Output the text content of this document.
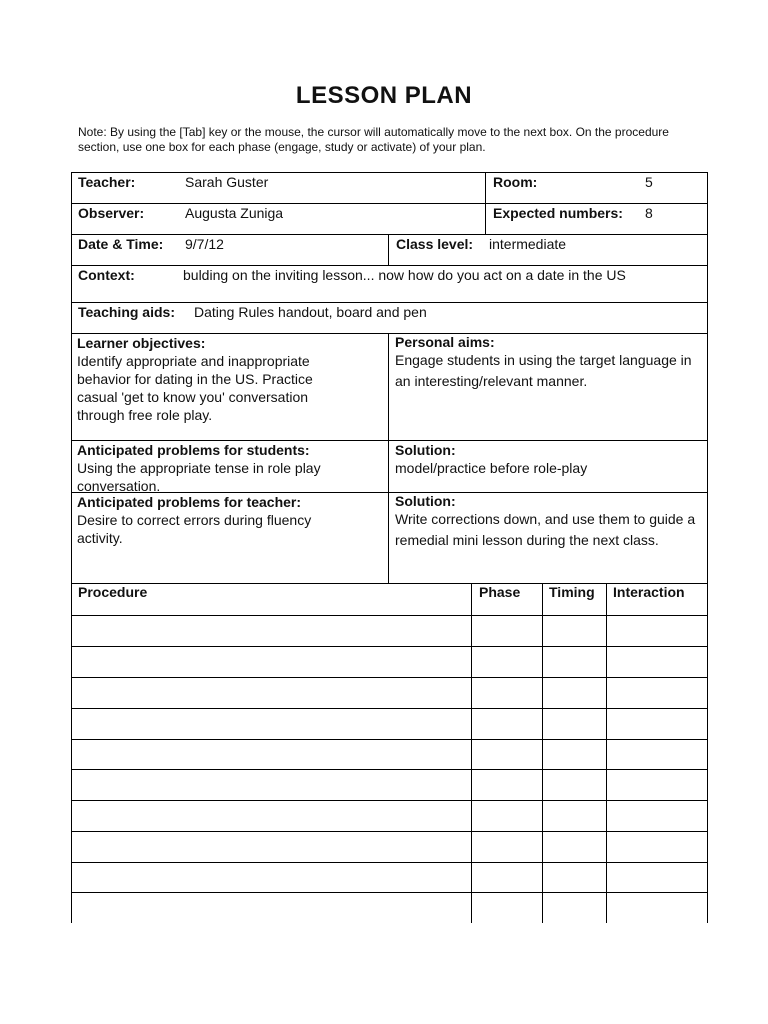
LESSON PLAN
Note: By using the [Tab] key or the mouse, the cursor will automatically move to the next box. On the procedure section, use one box for each phase (engage, study or activate) of your plan.
Teacher:	Sarah Guster	Room:	5
Observer:	Augusta Zuniga	Expected numbers: 8
Date & Time: 9/7/12	Class level: intermediate
Context:	bulding on the inviting lesson... now how do you act on a date in the US
Teaching aids: Dating Rules handout, board and pen
Learner objectives:
Identify appropriate and inappropriate behavior for dating in the US. Practice casual 'get to know you' conversation through free role play.
Personal aims:
Engage students in using the target language in an interesting/relevant manner.
Anticipated problems for students:
Using the appropriate tense in role play conversation.
Solution:
model/practice before role-play
Anticipated problems for teacher:
Desire to correct errors during fluency activity.
Solution:
Write corrections down, and use them to guide a remedial mini lesson during the next class.
Procedure	Phase Timing Interaction
